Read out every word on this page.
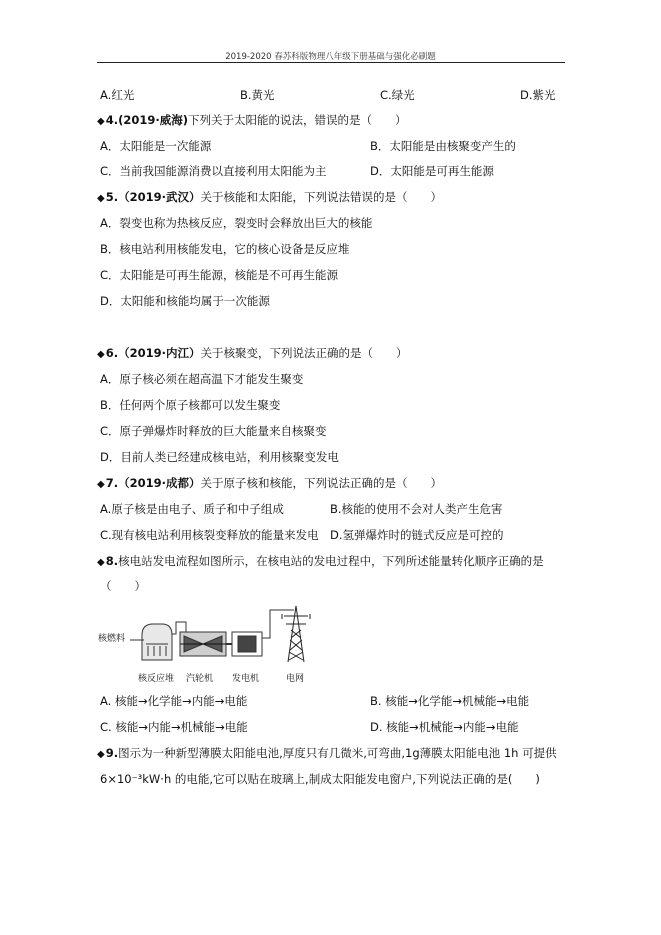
2019-2020 春苏科版物理八年级下册基础与强化必刷题
A.红光	B.黄光	C.绿光	D.紫光
◆4.(2019·威海)下列关于太阳能的说法，错误的是（　　）
A．太阳能是一次能源	B．太阳能是由核聚变产生的
C．当前我国能源消费以直接利用太阳能为主	D．太阳能是可再生能源
◆5.（2019·武汉）关于核能和太阳能，下列说法错误的是（　　）
A．裂变也称为热核反应，裂变时会释放出巨大的核能
B．核电站利用核能发电，它的核心设备是反应堆
C．太阳能是可再生能源，核能是不可再生能源
D．太阳能和核能均属于一次能源
◆6.（2019·内江）关于核聚变，下列说法正确的是（　　）
A．原子核必须在超高温下才能发生聚变
B．任何两个原子核都可以发生聚变
C．原子弹爆炸时释放的巨大能量来自核聚变
D．目前人类已经建成核电站，利用核聚变发电
◆7.（2019·成都）关于原子核和核能，下列说法正确的是（　　）
A.原子核是由电子、质子和中子组成	B.核能的使用不会对人类产生危害
C.现有核电站利用核裂变释放的能量来发电 D.氢弹爆炸时的链式反应是可控的
◆8.核电站发电流程如图所示，在核电站的发电过程中，下列所述能量转化顺序正确的是
（　　）
核燃料
核反应堆 汽轮机 发电机	电网
A. 核能→化学能→内能→电能	B. 核能→化学能→机械能→电能
C. 核能→内能→机械能→电能	D. 核能→机械能→内能→电能
◆9.图示为一种新型薄膜太阳能电池,厚度只有几微米,可弯曲,1g薄膜太阳能电池 1h 可提供
6×10⁻³kW·h 的电能,它可以贴在玻璃上,制成太阳能发电窗户,下列说法正确的是(　　)
